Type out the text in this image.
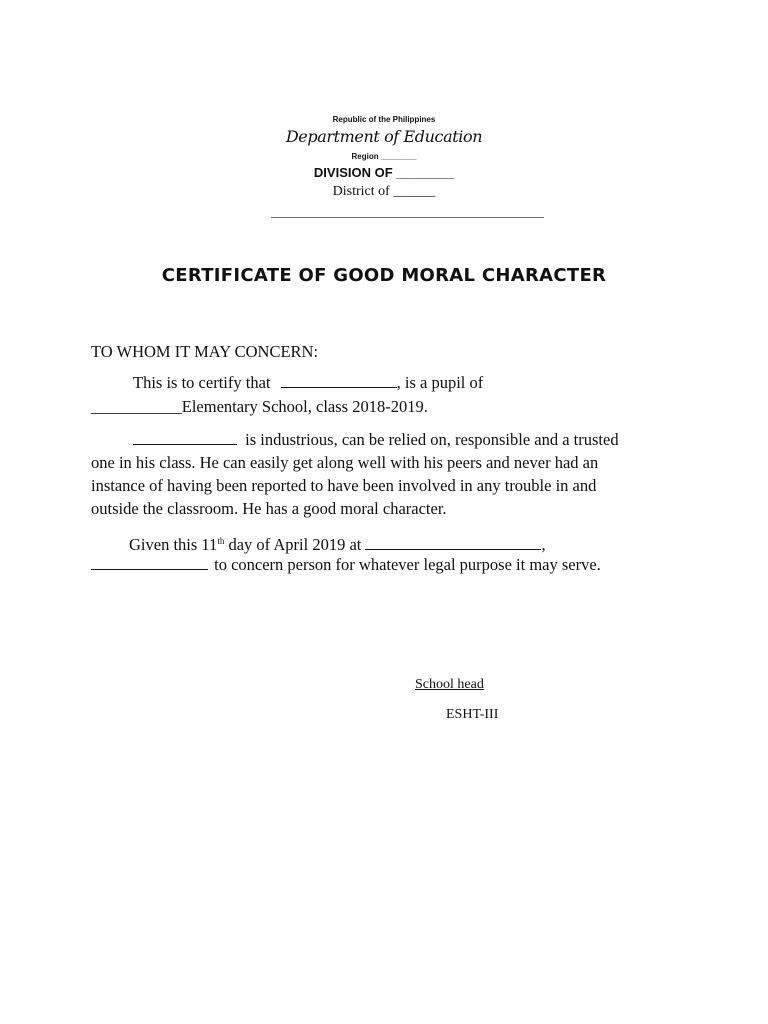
Republic of the Philippines
Department of Education
Region ________
DIVISION OF ________
District of ______
CERTIFICATE OF GOOD MORAL CHARACTER
TO WHOM IT MAY CONCERN:
This is to certify that	, is a pupil of
___________Elementary School, class 2018-2019.
is industrious, can be relied on, responsible and a trusted
one in his class. He can easily get along well with his peers and never had an
instance of having been reported to have been involved in any trouble in and
outside the classroom. He has a good moral character.
Given this 11th day of April 2019 at	,
to concern person for whatever legal purpose it may serve.
School head
ESHT-III
